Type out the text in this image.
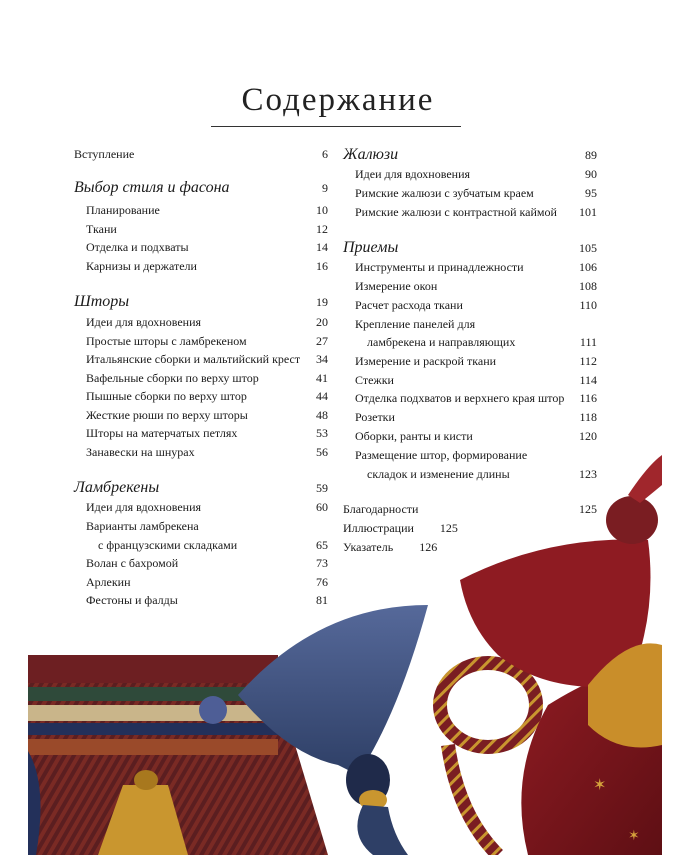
Содержание
Вступление	6
Выбор стиля и фасона	9
Планирование	10
Ткани	12
Отделка и подхваты	14
Карнизы и держатели	16
Шторы	19
Идеи для вдохновения	20
Простые шторы с ламбрекеном	27
Итальянские сборки и мальтийский крест 34
Вафельные сборки по верху штор	41
Пышные сборки по верху штор	44
Жесткие рюши по верху шторы	48
Шторы на матерчатых петлях	53
Занавески на шнурах	56
Ламбрекены	59
Идеи для вдохновения	60
Варианты ламбрекена
с французскими складками	65
Волан с бахромой	73
Арлекин	76
Фестоны и фалды	81
Жалюзи	89
Идеи для вдохновения	90
Римские жалюзи с зубчатым краем	95
Римские жалюзи с контрастной каймой 101
Приемы	105
Инструменты и принадлежности	106
Измерение окон	108
Расчет расхода ткани	110
Крепление панелей для
ламбрекена и направляющих	111
Измерение и раскрой ткани	112
Стежки	114
Отделка подхватов и верхнего края штор 116
Розетки	118
Оборки, ранты и кисти	120
Размещение штор, формирование
складок и изменение длины	123
Благодарности	125
Иллюстрации 125
Указатель 126
✶
✶
